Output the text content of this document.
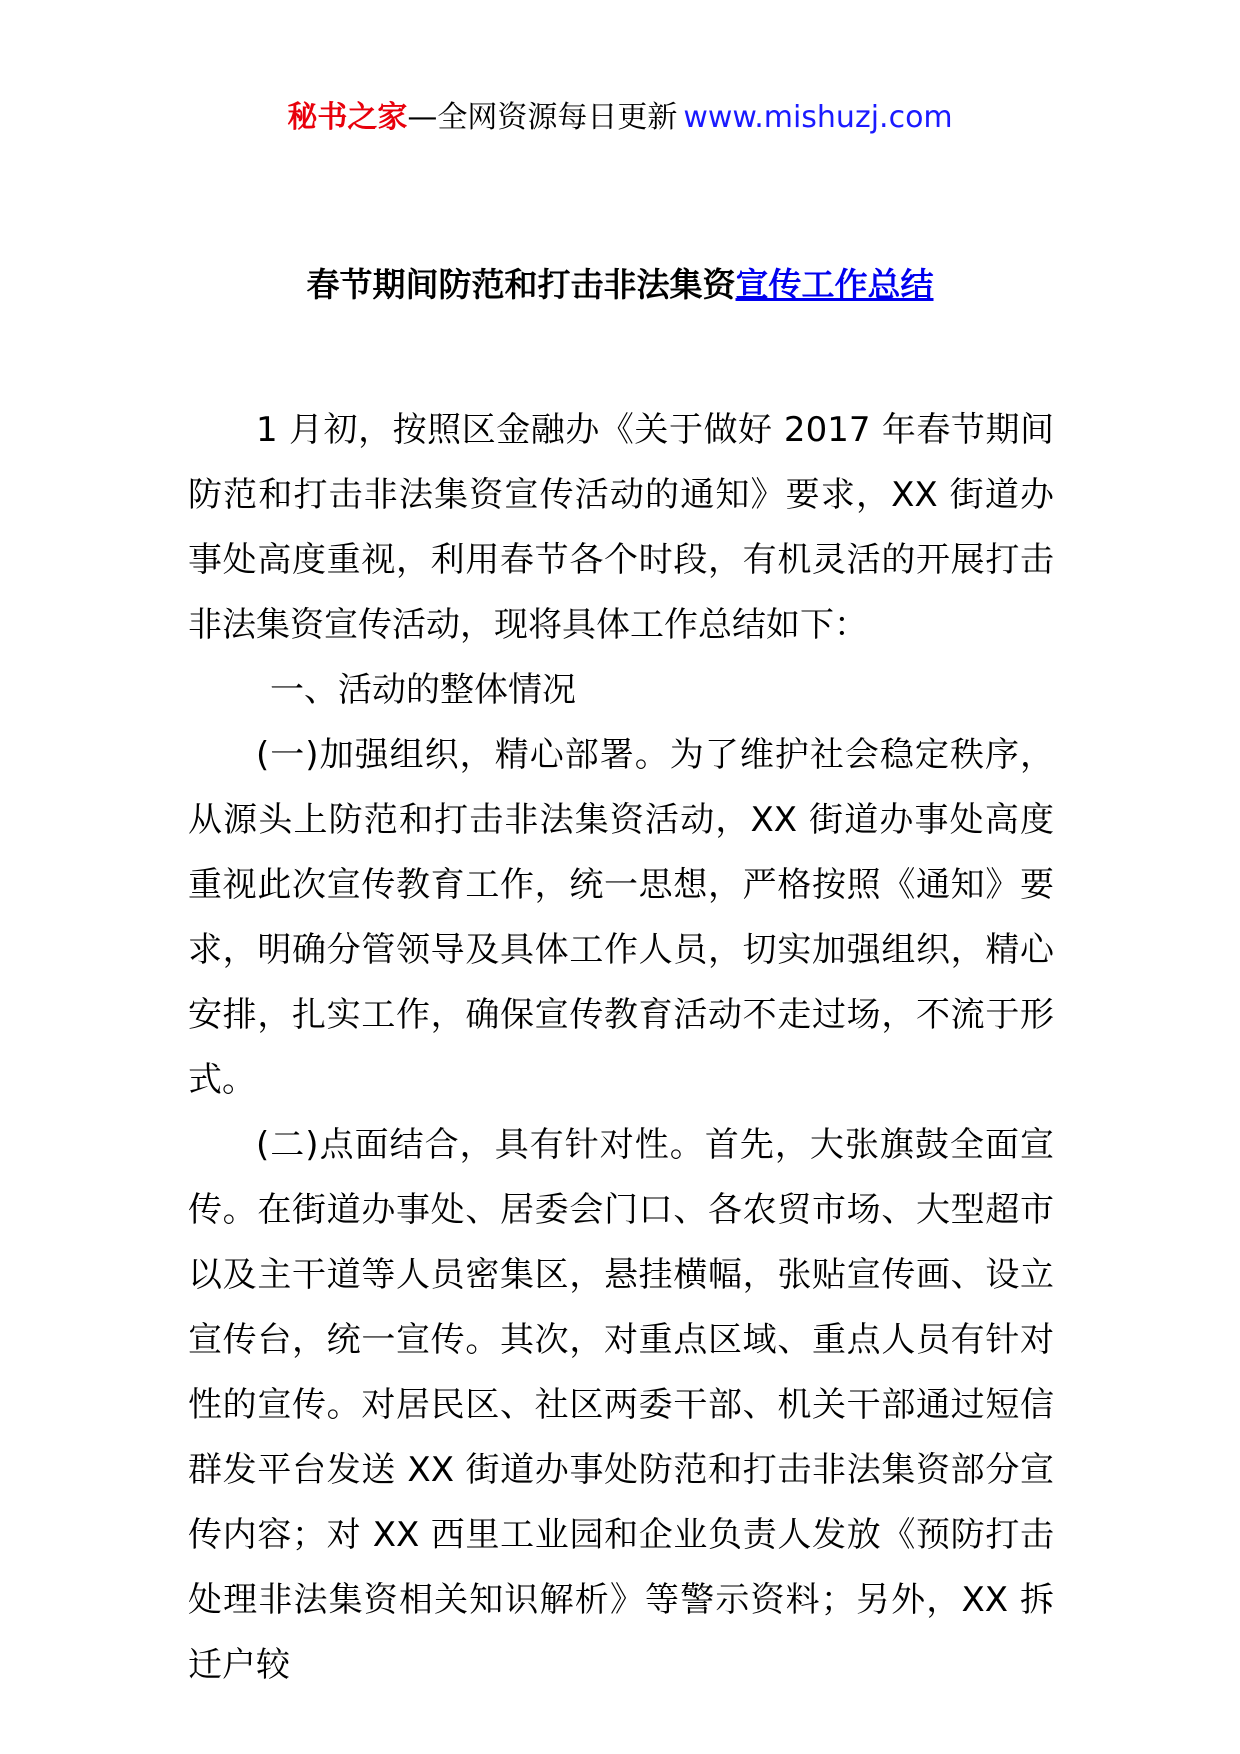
秘书之家—全网资源每日更新 www.mishuzj.com
春节期间防范和打击非法集资宣传工作总结

1 月初，按照区金融办《关于做好 2017 年春节期间防范和打击非法集资宣传活动的通知》要求，XX 街道办事处高度重视，利用春节各个时段，有机灵活的开展打击非法集资宣传活动，现将具体工作总结如下：

一、活动的整体情况

(一)加强组织，精心部署。为了维护社会稳定秩序，从源头上防范和打击非法集资活动，XX 街道办事处高度重视此次宣传教育工作，统一思想，严格按照《通知》要求，明确分管领导及具体工作人员，切实加强组织，精心安排，扎实工作，确保宣传教育活动不走过场，不流于形式。

(二)点面结合，具有针对性。首先，大张旗鼓全面宣传。在街道办事处、居委会门口、各农贸市场、大型超市以及主干道等人员密集区，悬挂横幅，张贴宣传画、设立宣传台，统一宣传。其次，对重点区域、重点人员有针对性的宣传。对居民区、社区两委干部、机关干部通过短信群发平台发送 XX 街道办事处防范和打击非法集资部分宣传内容；对 XX 西里工业园和企业负责人发放《预防打击处理非法集资相关知识解析》等警示资料；另外，XX 拆迁户较
